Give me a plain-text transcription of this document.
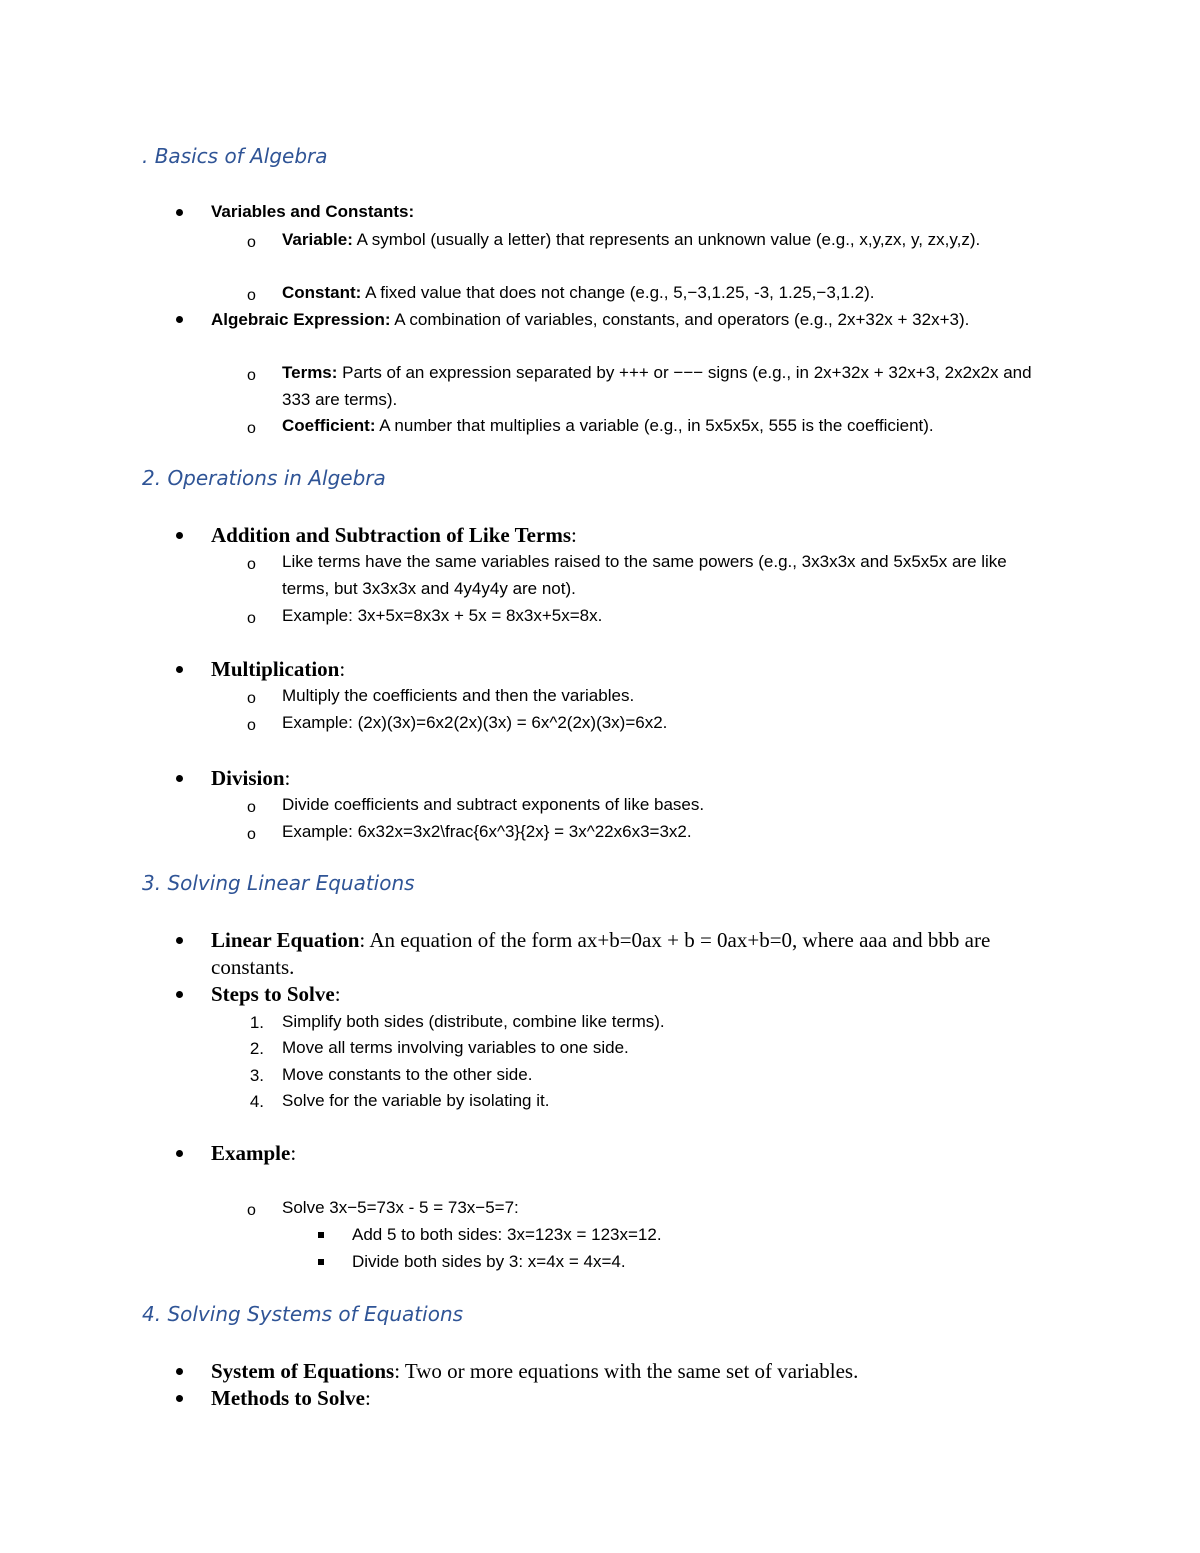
. Basics of Algebra
Variables and Constants:
o Variable: A symbol (usually a letter) that represents an unknown value (e.g., x,y,zx, y, zx,y,z).
o Constant: A fixed value that does not change (e.g., 5,−3,1.25, -3, 1.25,−3,1.2).
Algebraic Expression: A combination of variables, constants, and operators (e.g., 2x+32x + 32x+3).
o Terms: Parts of an expression separated by +++ or −−− signs (e.g., in 2x+32x + 32x+3, 2x2x2x and 333 are terms).
o Coefficient: A number that multiplies a variable (e.g., in 5x5x5x, 555 is the coefficient).
2. Operations in Algebra
Addition and Subtraction of Like Terms:
o Like terms have the same variables raised to the same powers (e.g., 3x3x3x and 5x5x5x are like terms, but 3x3x3x and 4y4y4y are not).
o Example: 3x+5x=8x3x + 5x = 8x3x+5x=8x.
Multiplication:
o Multiply the coefficients and then the variables.
o Example: (2x)(3x)=6x2(2x)(3x) = 6x^2(2x)(3x)=6x2.
Division:
o Divide coefficients and subtract exponents of like bases.
o Example: 6x32x=3x2\frac{6x^3}{2x} = 3x^22x6x3=3x2.
3. Solving Linear Equations
Linear Equation: An equation of the form ax+b=0ax + b = 0ax+b=0, where aaa and bbb are constants.
Steps to Solve:
1. Simplify both sides (distribute, combine like terms).
2. Move all terms involving variables to one side.
3. Move constants to the other side.
4. Solve for the variable by isolating it.
Example:
o Solve 3x−5=73x - 5 = 73x−5=7:
Add 5 to both sides: 3x=123x = 123x=12.
Divide both sides by 3: x=4x = 4x=4.
4. Solving Systems of Equations
System of Equations: Two or more equations with the same set of variables.
Methods to Solve:
